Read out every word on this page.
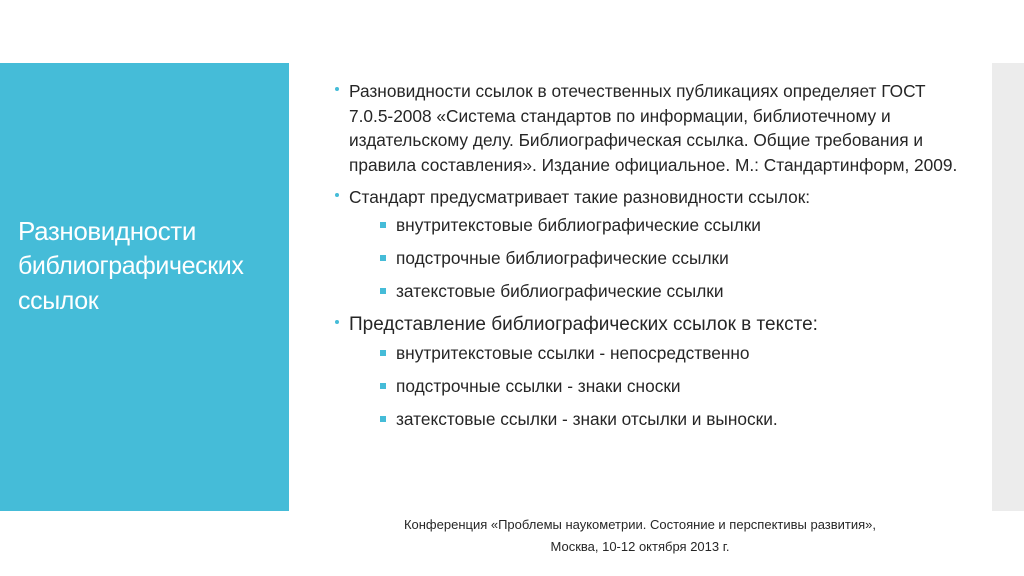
Разновидности
библиографических ссылок
Разновидности ссылок в отечественных публикациях определяет ГОСТ 7.0.5-2008 «Система стандартов по информации, библиотечному и издательскому делу. Библиографическая ссылка. Общие требования и правила составления». Издание официальное. М.: Стандартинформ, 2009.
Стандарт предусматривает такие разновидности ссылок:
внутритекстовые библиографические ссылки
подстрочные библиографические ссылки
затекстовые библиографические ссылки
Представление библиографических ссылок в тексте:
внутритекстовые ссылки - непосредственно
подстрочные ссылки - знаки сноски
затекстовые ссылки - знаки отсылки и выноски.
Конференция «Проблемы наукометрии. Состояние и перспективы развития»,
Москва, 10-12 октября 2013 г.
